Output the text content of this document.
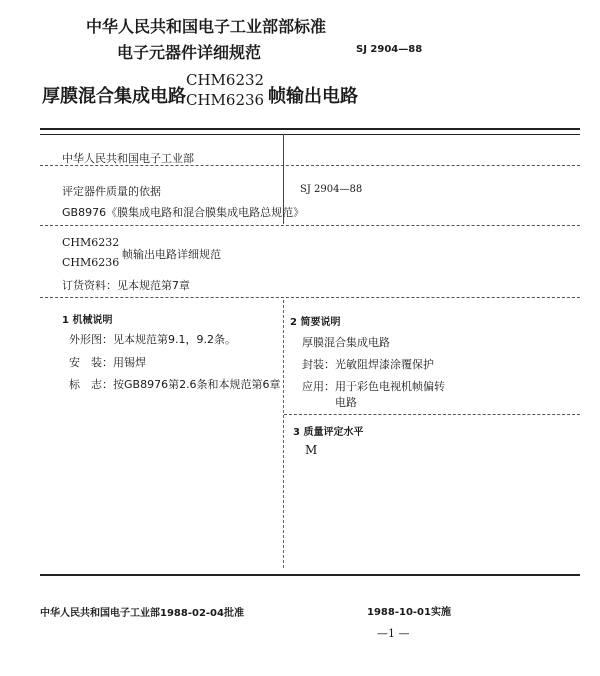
中华人民共和国电子工业部部标准
电子元器件详细规范	SJ 2904—88
厚膜混合集成电路
CHM6232
CHM6236 帧输出电路
中华人民共和国电子工业部
评定器件质量的依据
GB8976《膜集成电路和混合膜集成电路总规范》
SJ 2904—88
CHM6232
CHM6236
帧输出电路详细规范
订货资料：见本规范第7章
1 机械说明
外形图：见本规范第9.1，9.2条。
安　装：用锡焊
标　志：按GB8976第2.6条和本规范第6章
2 简要说明
厚膜混合集成电路
封装：光敏阻焊漆涂覆保护
应用：用于彩色电视机帧偏转
电路
3 质量评定水平
M
中华人民共和国电子工业部1988-02-04批准	1988-10-01实施
—1 —
